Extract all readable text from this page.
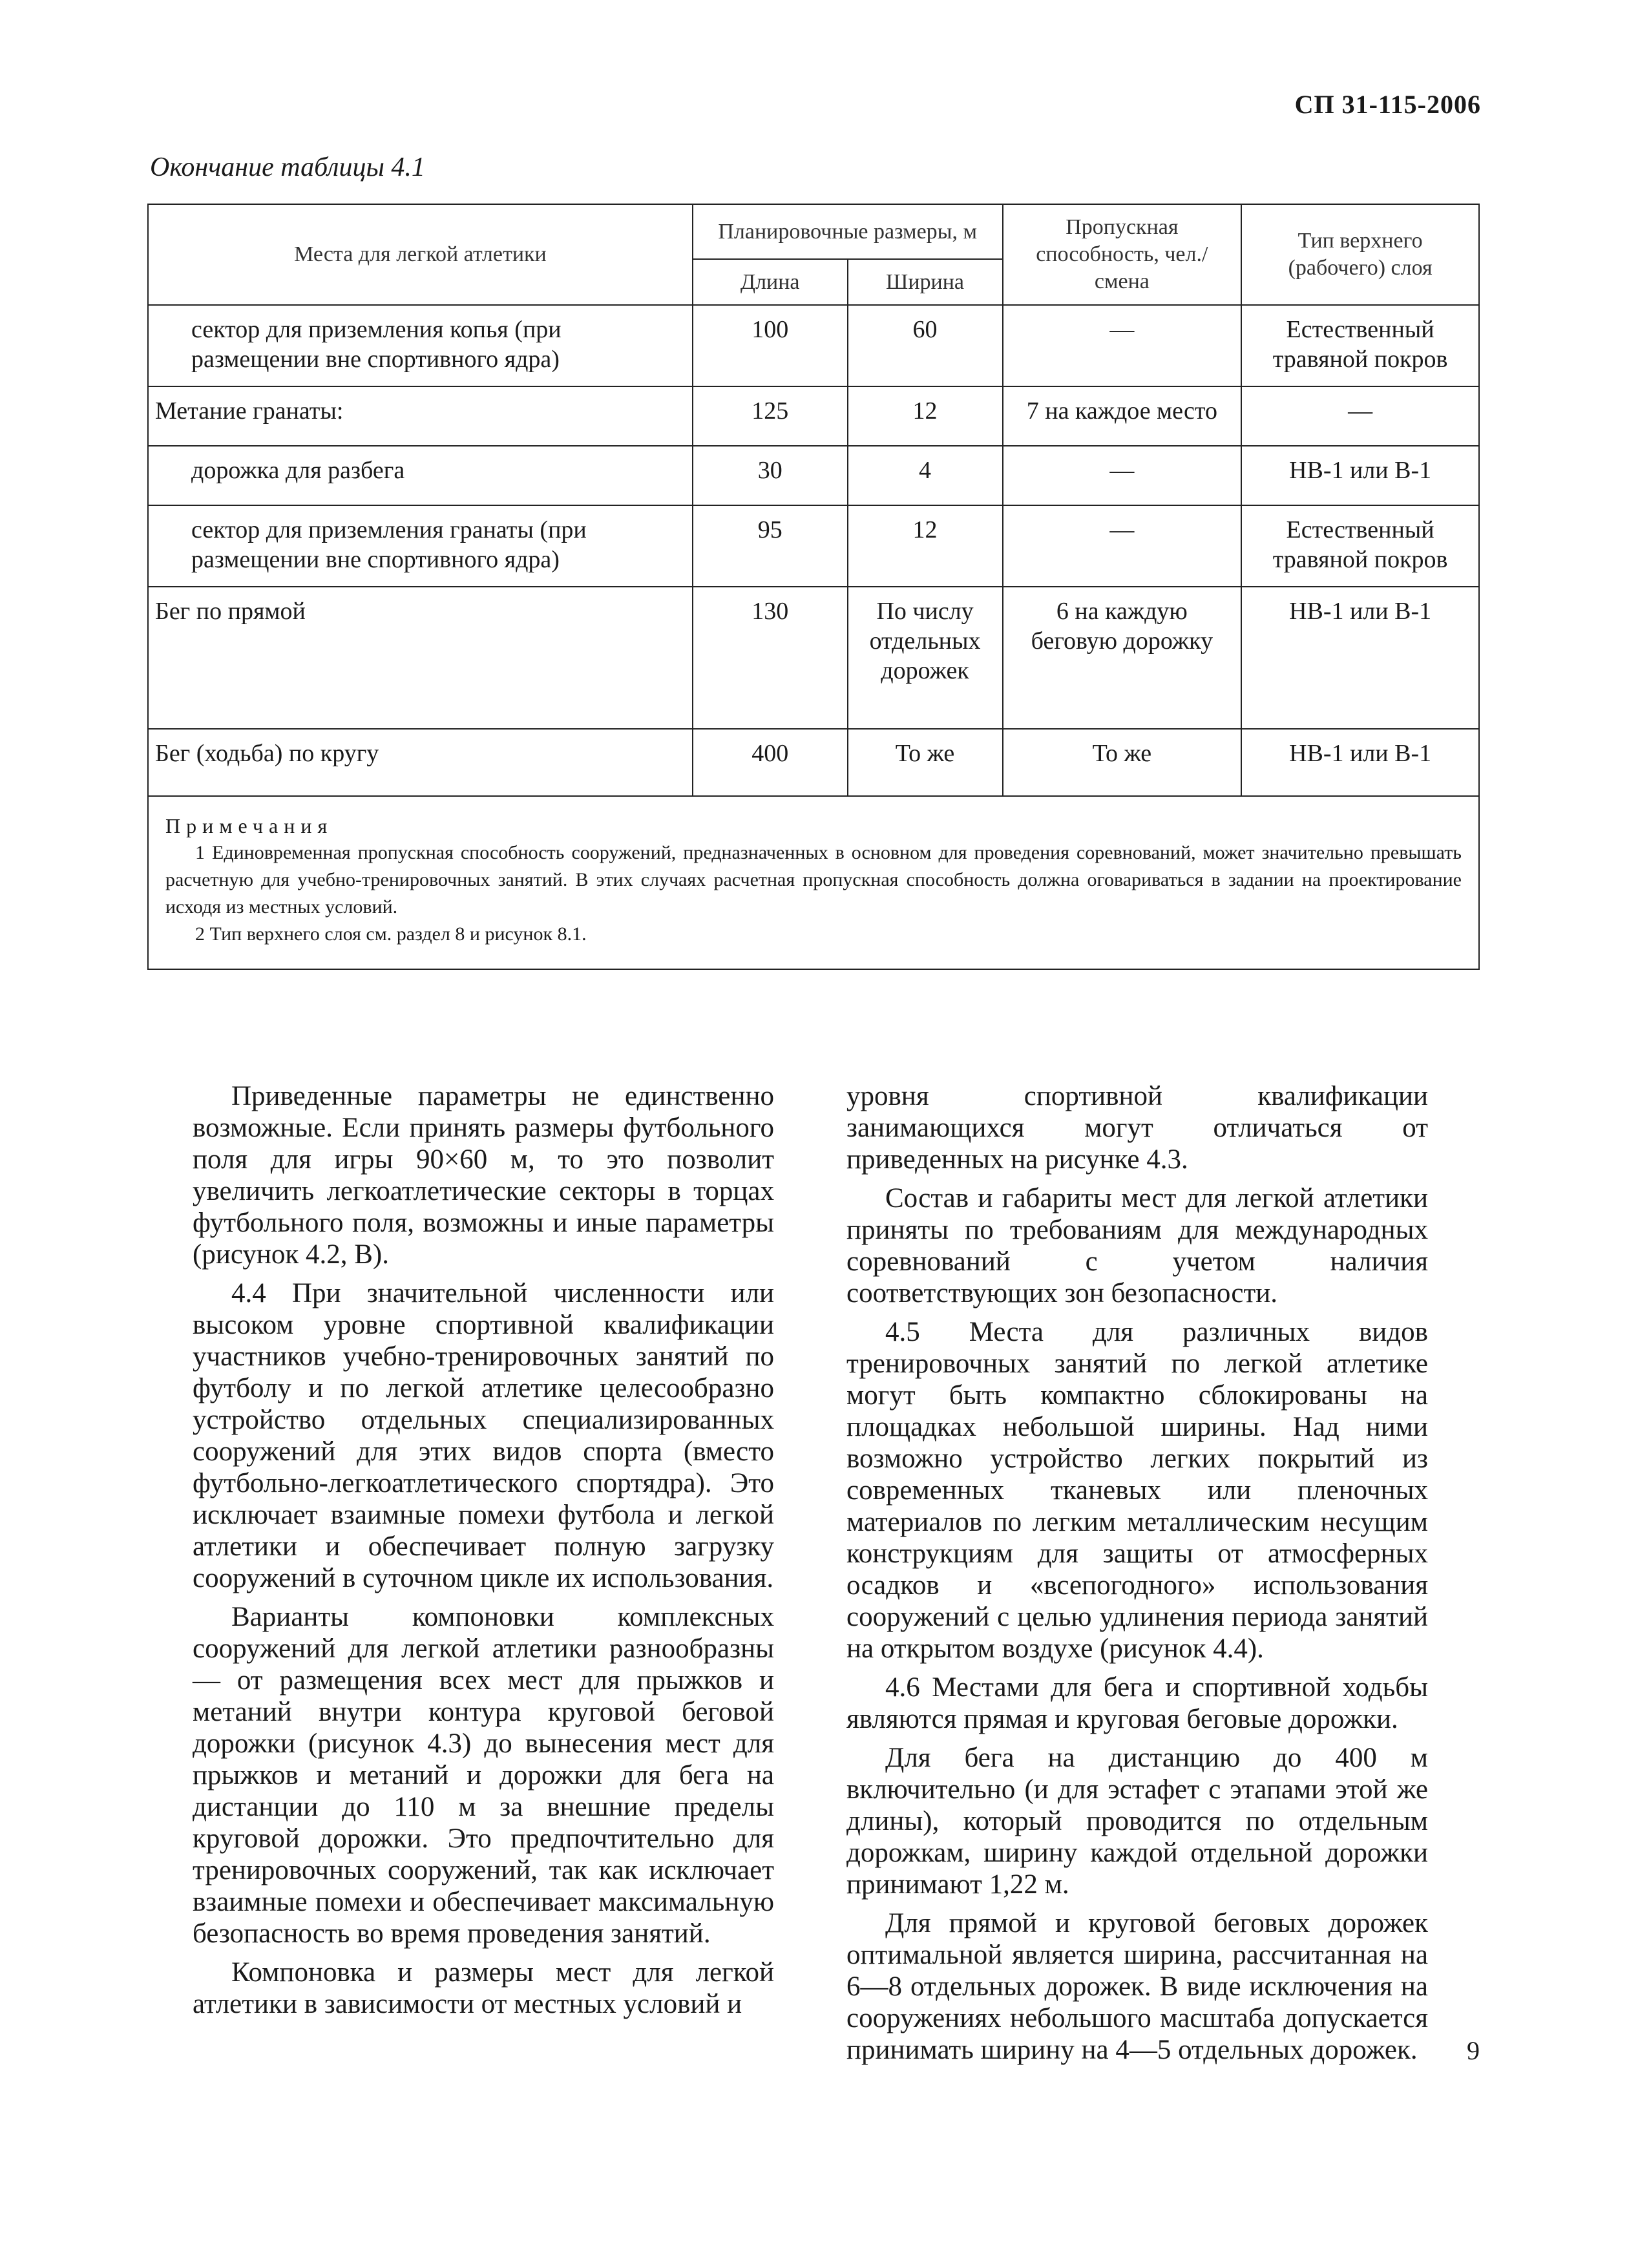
СП 31-115-2006
Окончание таблицы 4.1
Места для легкой атлетики	Планировочные размеры, м		Пропускная способность, чел./смена	Тип верхнего (рабочего) слоя
	Длина	Ширина		
сектор для приземления копья (при размещении вне спортивного ядра)	100	60	—	Естественный травяной покров
Метание гранаты:	125	12	7 на каждое место	—
дорожка для разбега	30	4	—	НВ-1 или В-1
сектор для приземления гранаты (при размещении вне спортивного ядра)	95	12	—	Естественный травяной покров
Бег по прямой	130	По числу отдельных дорожек	6 на каждую беговую дорожку	НВ-1 или В-1
Бег (ходьба) по кругу	400	То же	То же	НВ-1 или В-1

Примечания
1 Единовременная пропускная способность сооружений, предназначенных в основном для проведения соревнований, может значительно превышать расчетную для учебно-тренировочных занятий. В этих случаях расчетная пропускная способность должна оговариваться в задании на проектирование исходя из местных условий.
2 Тип верхнего слоя см. раздел 8 и рисунок 8.1.				

Приведенные параметры не единственно возможные. Если принять размеры футбольного поля для игры 90×60 м, то это позволит увеличить легкоатлетические секторы в торцах футбольного поля, возможны и иные параметры (рисунок 4.2, В).

4.4 При значительной численности или высоком уровне спортивной квалификации участников учебно-тренировочных занятий по футболу и по легкой атлетике целесообразно устройство отдельных специализированных сооружений для этих видов спорта (вместо футбольно-легкоатлетического спортядра). Это исключает взаимные помехи футбола и легкой атлетики и обеспечивает полную загрузку сооружений в суточном цикле их использования.

Варианты компоновки комплексных сооружений для легкой атлетики разнообразны — от размещения всех мест для прыжков и метаний внутри контура круговой беговой дорожки (рисунок 4.3) до вынесения мест для прыжков и метаний и дорожки для бега на дистанции до 110 м за внешние пределы круговой дорожки. Это предпочтительно для тренировочных сооружений, так как исключает взаимные помехи и обеспечивает максимальную безопасность во время проведения занятий.

Компоновка и размеры мест для легкой атлетики в зависимости от местных условий и

уровня спортивной квалификации занимающихся могут отличаться от приведенных на рисунке 4.3.

Состав и габариты мест для легкой атлетики приняты по требованиям для международных соревнований с учетом наличия соответствующих зон безопасности.

4.5 Места для различных видов тренировочных занятий по легкой атлетике могут быть компактно сблокированы на площадках небольшой ширины. Над ними возможно устройство легких покрытий из современных тканевых или пленочных материалов по легким металлическим несущим конструкциям для защиты от атмосферных осадков и «всепогодного» использования сооружений с целью удлинения периода занятий на открытом воздухе (рисунок 4.4).

4.6 Местами для бега и спортивной ходьбы являются прямая и круговая беговые дорожки.

Для бега на дистанцию до 400 м включительно (и для эстафет с этапами этой же длины), который проводится по отдельным дорожкам, ширину каждой отдельной дорожки принимают 1,22 м.

Для прямой и круговой беговых дорожек оптимальной является ширина, рассчитанная на 6—8 отдельных дорожек. В виде исключения на сооружениях небольшого масштаба допускается принимать ширину на 4—5 отдельных дорожек.	9
